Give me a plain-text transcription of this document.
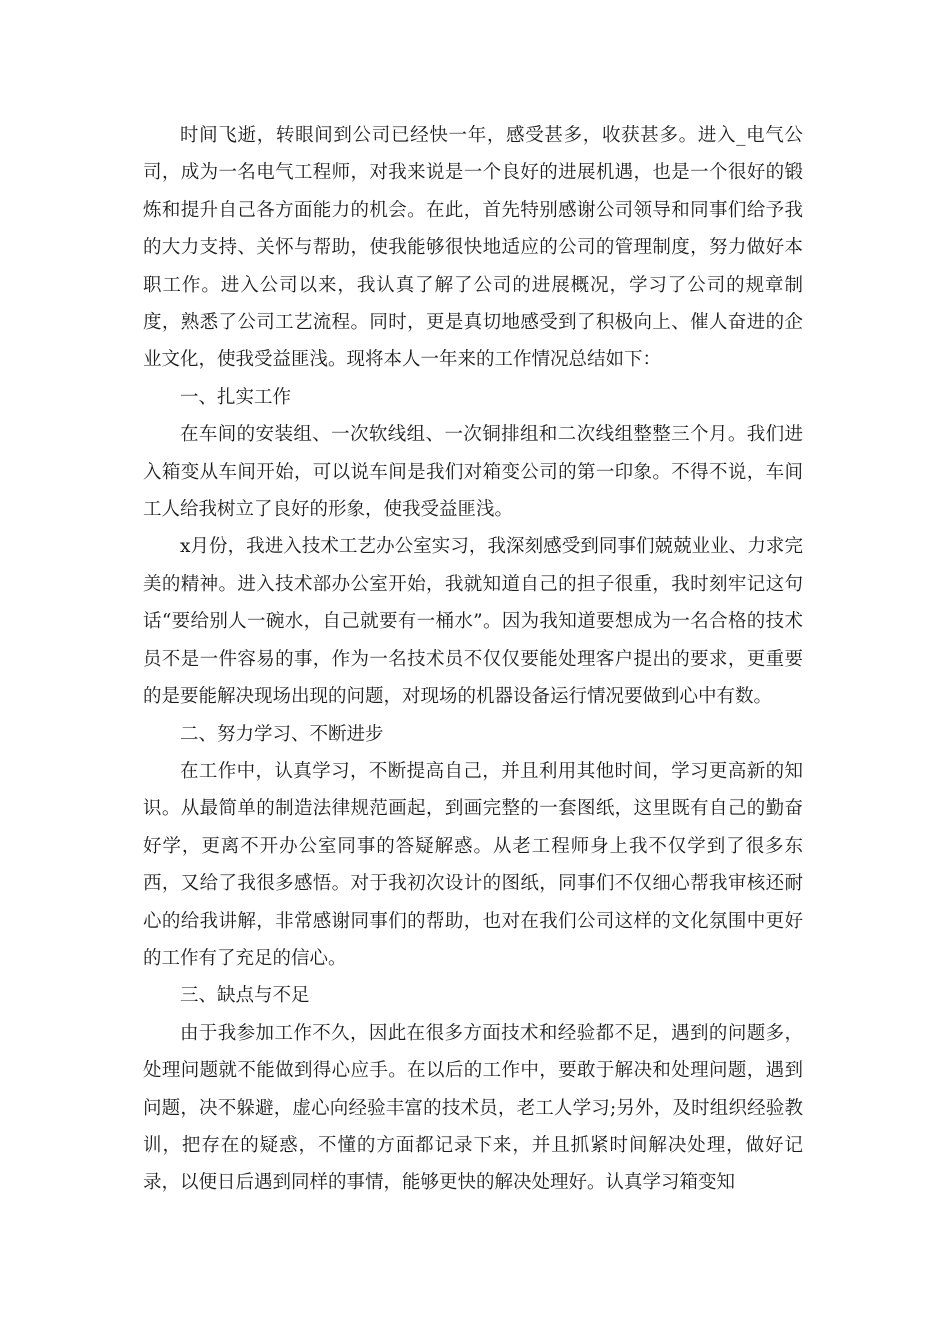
时间飞逝，转眼间到公司已经快一年，感受甚多，收获甚多。进入_电气公司，成为一名电气工程师，对我来说是一个良好的进展机遇，也是一个很好的锻炼和提升自己各方面能力的机会。在此，首先特别感谢公司领导和同事们给予我的大力支持、关怀与帮助，使我能够很快地适应的公司的管理制度，努力做好本职工作。进入公司以来，我认真了解了公司的进展概况，学习了公司的规章制度，熟悉了公司工艺流程。同时，更是真切地感受到了积极向上、催人奋进的企业文化，使我受益匪浅。现将本人一年来的工作情况总结如下：

一、扎实工作

在车间的安装组、一次软线组、一次铜排组和二次线组整整三个月。我们进入箱变从车间开始，可以说车间是我们对箱变公司的第一印象。不得不说，车间工人给我树立了良好的形象，使我受益匪浅。

x月份，我进入技术工艺办公室实习，我深刻感受到同事们兢兢业业、力求完美的精神。进入技术部办公室开始，我就知道自己的担子很重，我时刻牢记这句话“要给别人一碗水，自己就要有一桶水”。因为我知道要想成为一名合格的技术员不是一件容易的事，作为一名技术员不仅仅要能处理客户提出的要求，更重要的是要能解决现场出现的问题，对现场的机器设备运行情况要做到心中有数。

二、努力学习、不断进步

在工作中，认真学习，不断提高自己，并且利用其他时间，学习更高新的知识。从最简单的制造法律规范画起，到画完整的一套图纸，这里既有自己的勤奋好学，更离不开办公室同事的答疑解惑。从老工程师身上我不仅学到了很多东西，又给了我很多感悟。对于我初次设计的图纸，同事们不仅细心帮我审核还耐心的给我讲解，非常感谢同事们的帮助，也对在我们公司这样的文化氛围中更好的工作有了充足的信心。

三、缺点与不足

由于我参加工作不久，因此在很多方面技术和经验都不足，遇到的问题多，处理问题就不能做到得心应手。在以后的工作中，要敢于解决和处理问题，遇到问题，决不躲避，虚心向经验丰富的技术员，老工人学习;另外，及时组织经验教训，把存在的疑惑，不懂的方面都记录下来，并且抓紧时间解决处理，做好记录，以便日后遇到同样的事情，能够更快的解决处理好。认真学习箱变知
